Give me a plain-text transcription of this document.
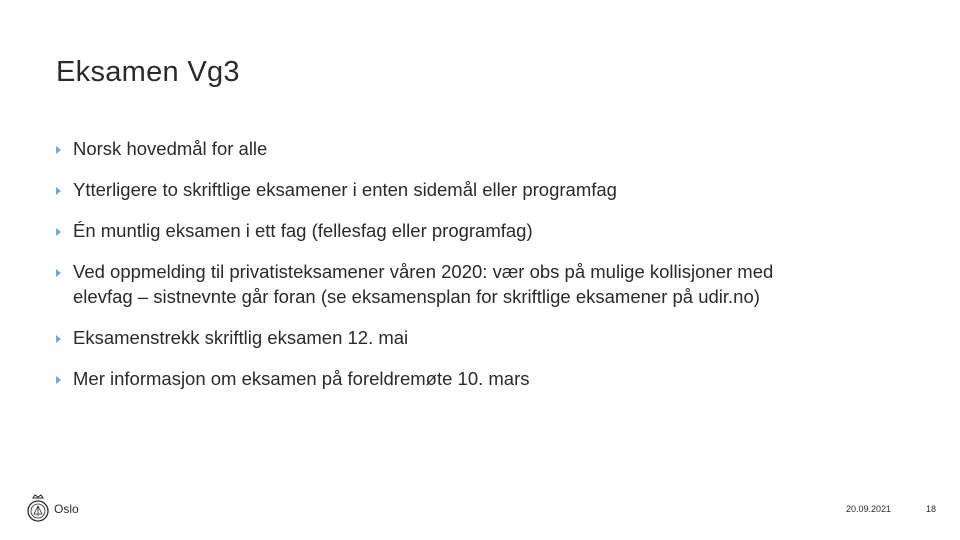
Eksamen Vg3
Norsk hovedmål for alle
Ytterligere to skriftlige eksamener i enten sidemål eller programfag
Én muntlig eksamen i ett fag (fellesfag eller programfag)
Ved oppmelding til privatisteksamener våren 2020: vær obs på mulige kollisjoner med elevfag – sistnevnte går foran (se eksamensplan for skriftlige eksamener på udir.no)
Eksamenstrekk skriftlig eksamen 12. mai
Mer informasjon om eksamen på foreldremøte 10. mars
Oslo	20.09.2021	18
